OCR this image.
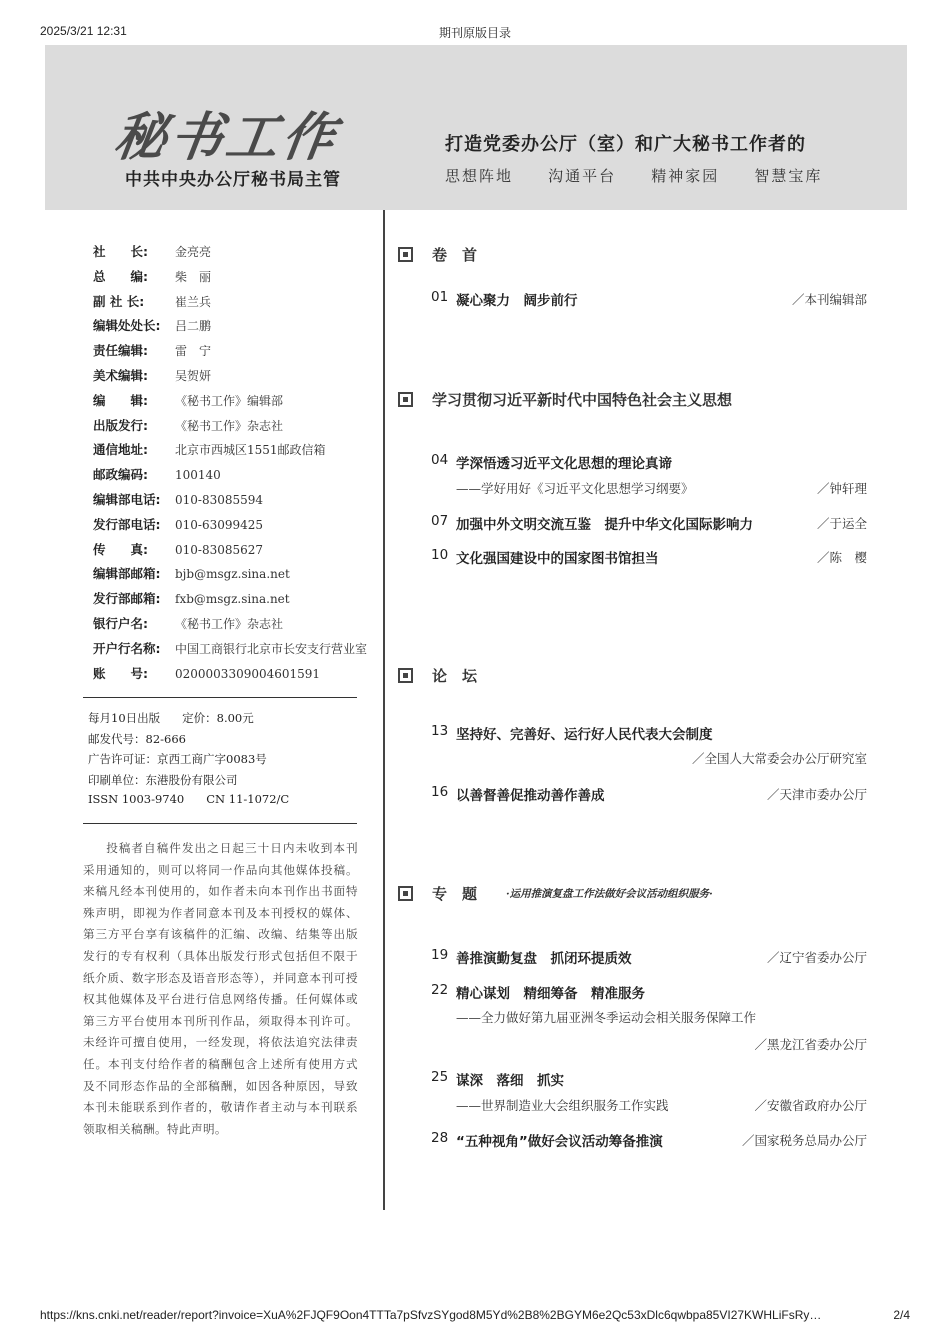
2025/3/21 12:31	期刊原版目录
秘书工作
中共中央办公厅秘书局主管
打造党委办公厅（室）和广大秘书工作者的
思想阵地 沟通平台 精神家园 智慧宝库
社　　长: 金亮亮
总　　编: 柴　丽
副 社 长:	崔兰兵
编辑处处长: 吕二鹏
责任编辑: 雷　宁
美术编辑: 吴贺妍
编　　辑: 《秘书工作》编辑部
出版发行: 《秘书工作》杂志社
通信地址: 北京市西城区1551邮政信箱
邮政编码: 100140
编辑部电话: 010-83085594
发行部电话: 010-63099425
传　　真: 010-83085627
编辑部邮箱: bjb@msgz.sina.net
发行部邮箱: fxb@msgz.sina.net
银行户名: 《秘书工作》杂志社
开户行名称: 中国工商银行北京市长安支行营业室
账　　号: 0200003309004601591
每月10日出版 定价：8.00元
邮发代号：82-666
广告许可证：京西工商广字0083号
印刷单位：东港股份有限公司
ISSN 1003-9740 CN 11-1072/C
投稿者自稿件发出之日起三十日内未收到本刊采用通知的，则可以将同一作品向其他媒体投稿。来稿凡经本刊使用的，如作者未向本刊作出书面特殊声明，即视为作者同意本刊及本刊授权的媒体、第三方平台享有该稿件的汇编、改编、结集等出版发行的专有权利（具体出版发行形式包括但不限于纸介质、数字形态及语音形态等），并同意本刊可授权其他媒体及平台进行信息网络传播。任何媒体或第三方平台使用本刊所刊作品，须取得本刊许可。未经许可擅自使用，一经发现，将依法追究法律责任。本刊支付给作者的稿酬包含上述所有使用方式及不同形态作品的全部稿酬，如因各种原因，导致本刊未能联系到作者的，敬请作者主动与本刊联系领取相关稿酬。特此声明。
卷　首
01 凝心聚力　阔步前行	／本刊编辑部
学习贯彻习近平新时代中国特色社会主义思想
04 学深悟透习近平文化思想的理论真谛
——学好用好《习近平文化思想学习纲要》	／钟轩理
07 加强中外文明交流互鉴　提升中华文化国际影响力	／于运全
10 文化强国建设中的国家图书馆担当	／陈　樱
论　坛
13 坚持好、完善好、运行好人民代表大会制度
／全国人大常委会办公厅研究室
16 以善督善促推动善作善成	／天津市委办公厅
专　题	·运用推演复盘工作法做好会议活动组织服务·
19 善推演勤复盘　抓闭环提质效	／辽宁省委办公厅
22 精心谋划　精细筹备　精准服务
——全力做好第九届亚洲冬季运动会相关服务保障工作
／黑龙江省委办公厅
25 谋深　落细　抓实
——世界制造业大会组织服务工作实践	／安徽省政府办公厅
28 “五种视角”做好会议活动筹备推演	／国家税务总局办公厅
https://kns.cnki.net/reader/report?invoice=XuA%2FJQF9Oon4TTTa7pSfvzSYgod8M5Yd%2B8%2BGYM6e2Qc53xDlc6qwbpa85VI27KWHLiFsRy…	2/4
